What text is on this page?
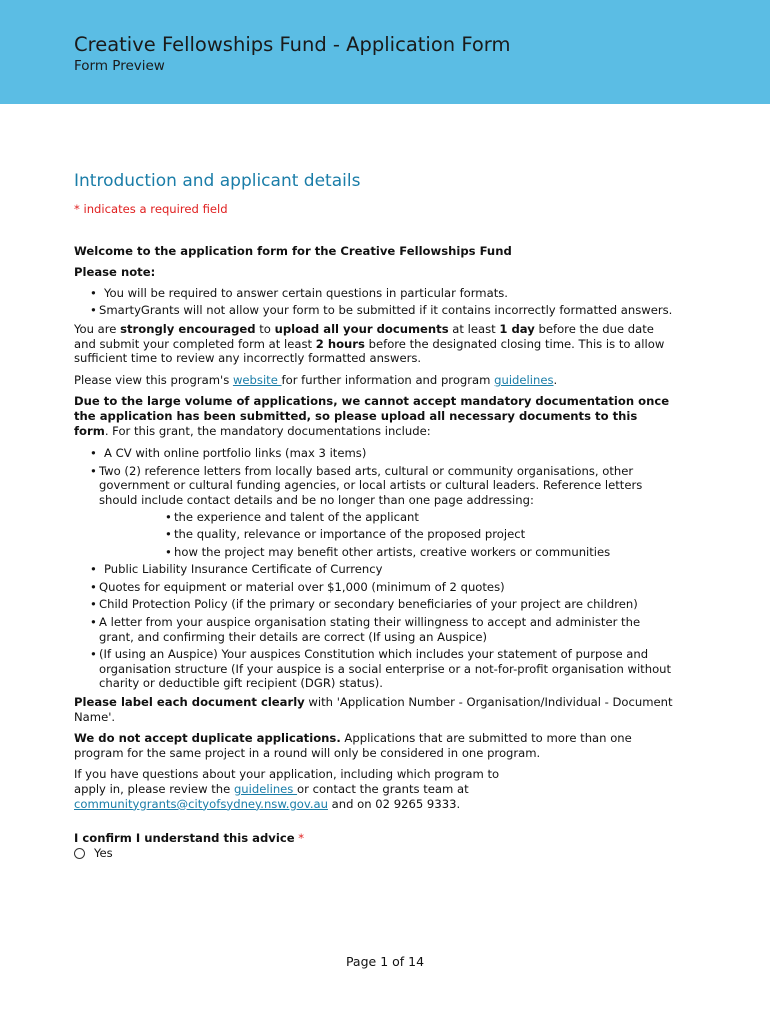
Creative Fellowships Fund - Application Form
Form Preview
Introduction and applicant details
* indicates a required field

Welcome to the application form for the Creative Fellowships Fund

Please note:

• You will be required to answer certain questions in particular formats.
• SmartyGrants will not allow your form to be submitted if it contains incorrectly formatted answers.

You are strongly encouraged to upload all your documents at least 1 day before the due date and submit your completed form at least 2 hours before the designated closing time. This is to allow sufficient time to review any incorrectly formatted answers.

Please view this program's website for further information and program guidelines.

Due to the large volume of applications, we cannot accept mandatory documentation once the application has been submitted, so please upload all necessary documents to this form. For this grant, the mandatory documentations include:

• A CV with online portfolio links (max 3 items)
• Two (2) reference letters from locally based arts, cultural or community organisations, other government or cultural funding agencies, or local artists or cultural leaders. Reference letters should include contact details and be no longer than one page addressing:
• the experience and talent of the applicant
• the quality, relevance or importance of the proposed project
• how the project may benefit other artists, creative workers or communities
• Public Liability Insurance Certificate of Currency
• Quotes for equipment or material over $1,000 (minimum of 2 quotes)
• Child Protection Policy (if the primary or secondary beneficiaries of your project are children)
• A letter from your auspice organisation stating their willingness to accept and administer the grant, and confirming their details are correct (If using an Auspice)
• (If using an Auspice) Your auspices Constitution which includes your statement of purpose and organisation structure (If your auspice is a social enterprise or a not-for-profit organisation without charity or deductible gift recipient (DGR) status).

Please label each document clearly with 'Application Number - Organisation/Individual - Document Name'.

We do not accept duplicate applications. Applications that are submitted to more than one program for the same project in a round will only be considered in one program.

If you have questions about your application, including which program to apply in, please review the guidelines or contact the grants team at communitygrants@cityofsydney.nsw.gov.au and on 02 9265 9333.

I confirm I understand this advice *
Yes
Page 1 of 14
